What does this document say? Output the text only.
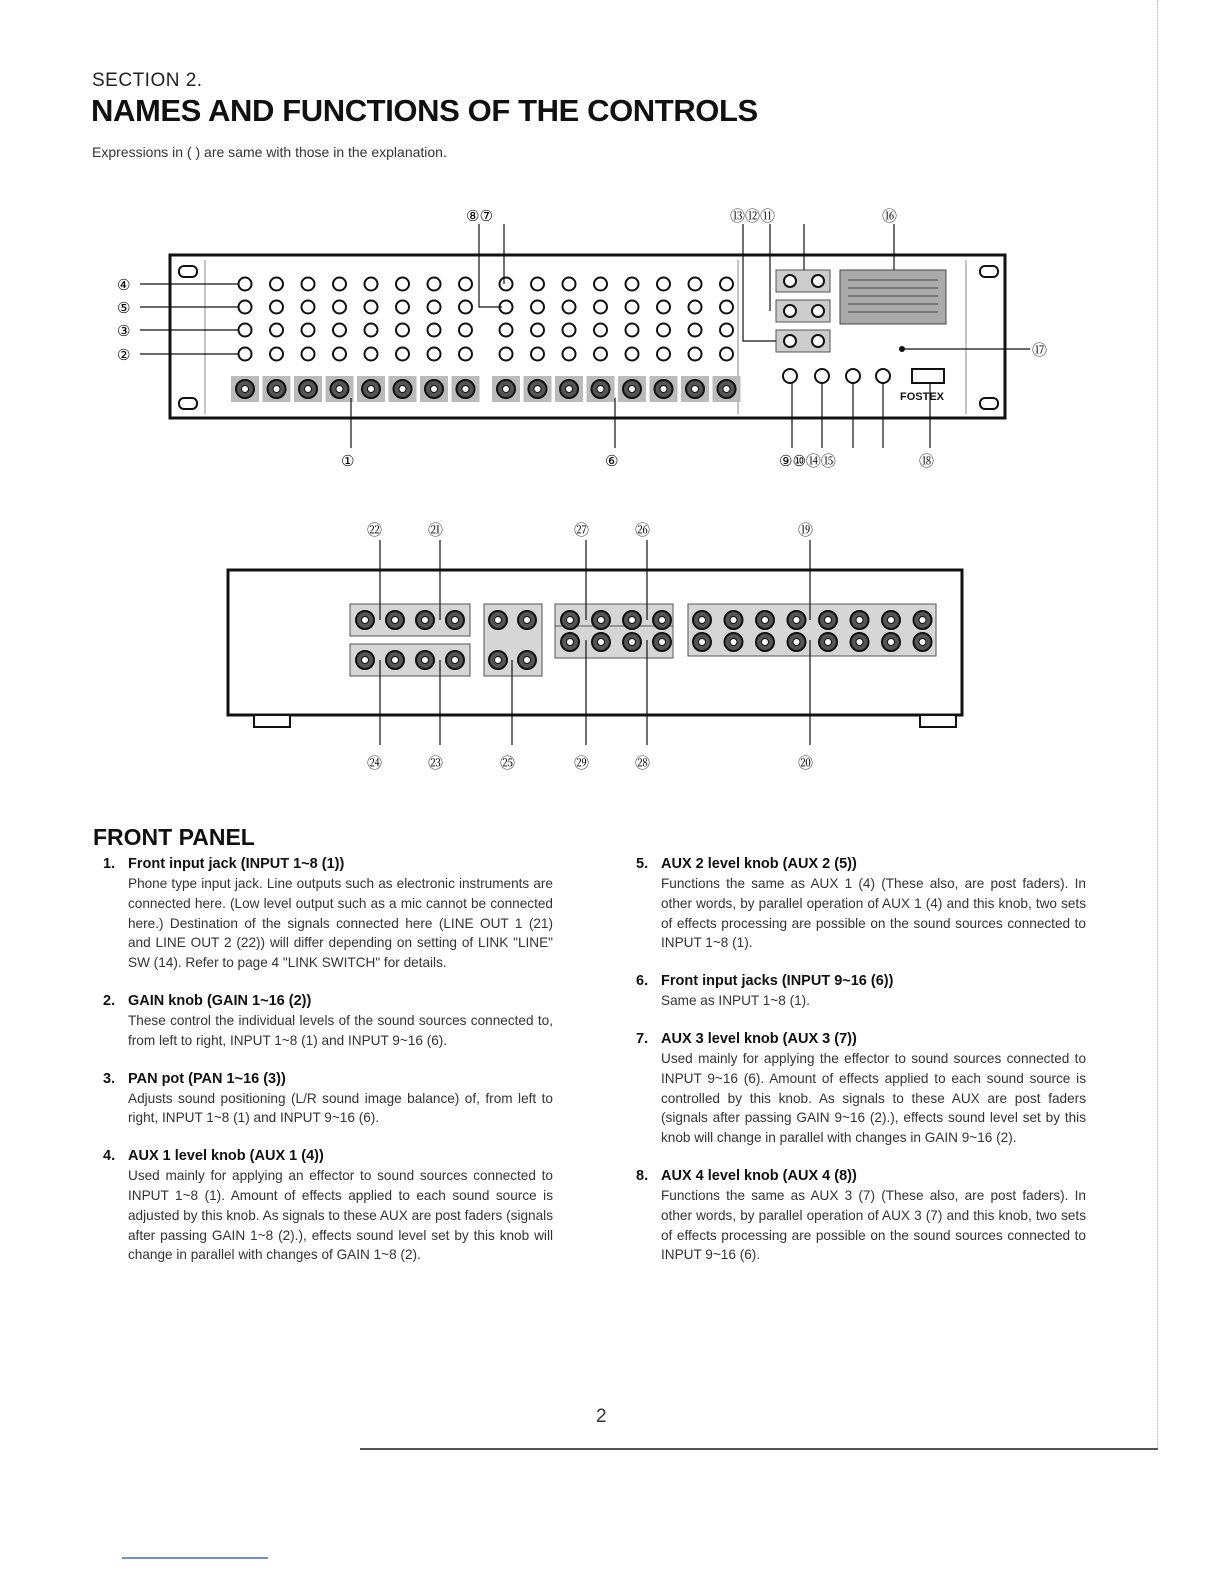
SECTION 2.
NAMES AND FUNCTIONS OF THE CONTROLS
Expressions in ( ) are same with those in the explanation.
FOSTEX
⑧⑦	⑬⑫⑪	⑯
④
⑤
③
②	⑰
①	⑥	⑨⑩⑭⑮	⑱
㉒	㉑	㉗	㉖	⑲
㉔	㉓	㉕	㉙	㉘	⑳
FRONT PANEL

1. Front input jack (INPUT 1~8 (1))

Phone type input jack. Line outputs such as electronic instruments are connected here. (Low level output such as a mic cannot be connected here.) Destination of the signals connected here (LINE OUT 1 (21) and LINE OUT 2 (22)) will differ depending on setting of LINK "LINE" SW (14). Refer to page 4 "LINK SWITCH" for details.

2. GAIN knob (GAIN 1~16 (2))

These control the individual levels of the sound sources connected to, from left to right, INPUT 1~8 (1) and INPUT 9~16 (6).

3. PAN pot (PAN 1~16 (3))

Adjusts sound positioning (L/R sound image balance) of, from left to right, INPUT 1~8 (1) and INPUT 9~16 (6).

4. AUX 1 level knob (AUX 1 (4))

Used mainly for applying an effector to sound sources connected to INPUT 1~8 (1). Amount of effects applied to each sound source is adjusted by this knob. As signals to these AUX are post faders (signals after passing GAIN 1~8 (2).), effects sound level set by this knob will change in parallel with changes of GAIN 1~8 (2).

5. AUX 2 level knob (AUX 2 (5))

Functions the same as AUX 1 (4) (These also, are post faders). In other words, by parallel operation of AUX 1 (4) and this knob, two sets of effects processing are possible on the sound sources connected to INPUT 1~8 (1).

6. Front input jacks (INPUT 9~16 (6))

Same as INPUT 1~8 (1).

7. AUX 3 level knob (AUX 3 (7))

Used mainly for applying the effector to sound sources connected to INPUT 9~16 (6). Amount of effects applied to each sound source is controlled by this knob. As signals to these AUX are post faders (signals after passing GAIN 9~16 (2).), effects sound level set by this knob will change in parallel with changes in GAIN 9~16 (2).

8. AUX 4 level knob (AUX 4 (8))

Functions the same as AUX 3 (7) (These also, are post faders). In other words, by parallel operation of AUX 3 (7) and this knob, two sets of effects processing are possible on the sound sources connected to INPUT 9~16 (6).

2
